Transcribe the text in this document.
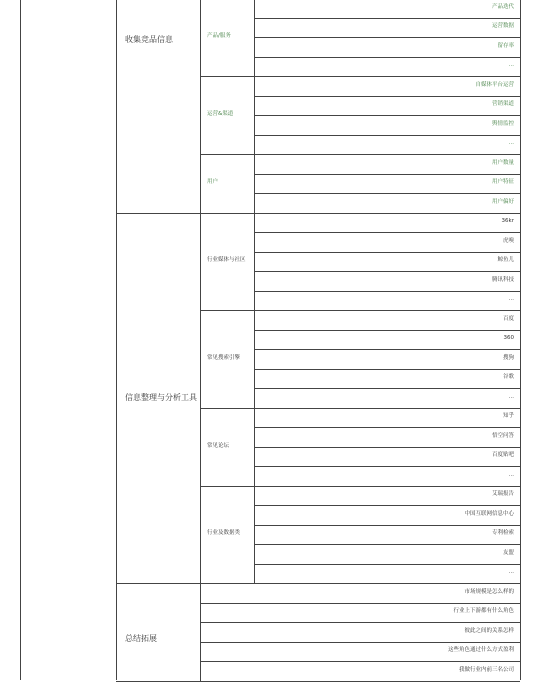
产品迭代
运营数据
留存率
...
产品/服务
自媒体平台运营
营销渠道
舆情监控
...
运营&渠道
用户数量
用户特征
用户偏好
用户
收集竞品信息
36kr
虎嗅
鲸鱼儿
腾讯科技
...
行业媒体与社区
百度
360
搜狗
谷歌
...
常见搜索引擎
知乎
悟空问答
百度贴吧
...
常见论坛
艾瑞报告
中国互联网信息中心
专利检索
友盟
...
行业及数据类
信息整理与分析工具
市场规模是怎么样的
行业上下游都有什么角色
彼此之间的关系怎样
这些角色通过什么方式盈利
我做行业内前三名公司
总结拓展
